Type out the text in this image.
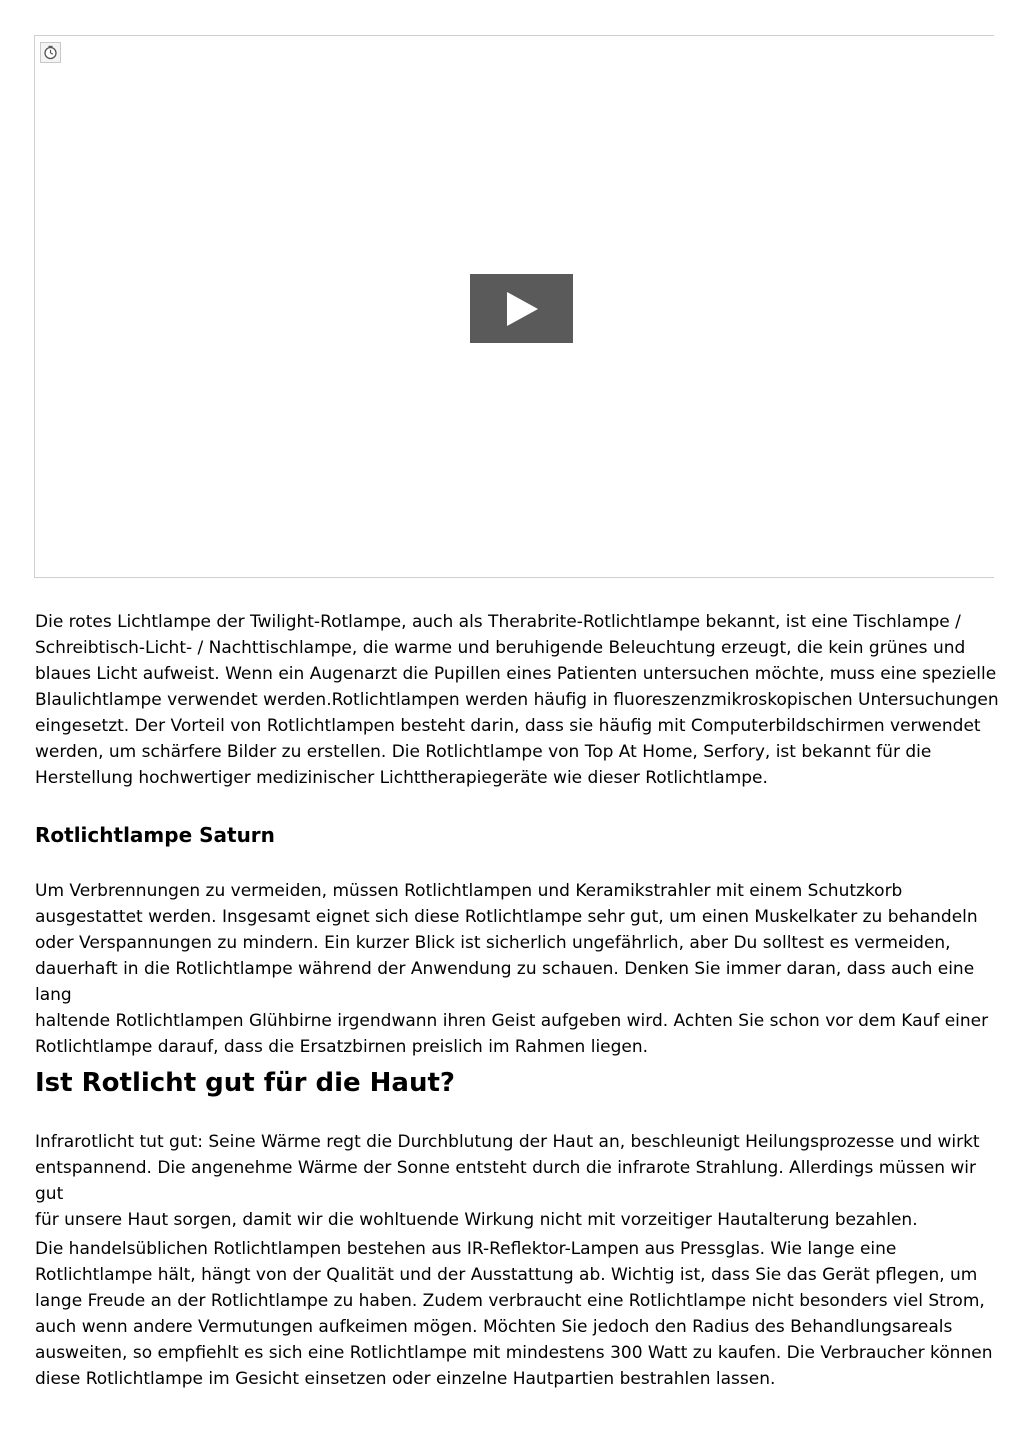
Die rotes Lichtlampe der Twilight-Rotlampe, auch als Therabrite-Rotlichtlampe bekannt, ist eine Tischlampe /
Schreibtisch-Licht- / Nachttischlampe, die warme und beruhigende Beleuchtung erzeugt, die kein grünes und
blaues Licht aufweist. Wenn ein Augenarzt die Pupillen eines Patienten untersuchen möchte, muss eine spezielle
Blaulichtlampe verwendet werden.Rotlichtlampen werden häufig in fluoreszenzmikroskopischen Untersuchungen
eingesetzt. Der Vorteil von Rotlichtlampen besteht darin, dass sie häufig mit Computerbildschirmen verwendet
werden, um schärfere Bilder zu erstellen. Die Rotlichtlampe von Top At Home, Serfory, ist bekannt für die
Herstellung hochwertiger medizinischer Lichttherapiegeräte wie dieser Rotlichtlampe.

Rotlichtlampe Saturn

Um Verbrennungen zu vermeiden, müssen Rotlichtlampen und Keramikstrahler mit einem Schutzkorb
ausgestattet werden. Insgesamt eignet sich diese Rotlichtlampe sehr gut, um einen Muskelkater zu behandeln
oder Verspannungen zu mindern. Ein kurzer Blick ist sicherlich ungefährlich, aber Du solltest es vermeiden,
dauerhaft in die Rotlichtlampe während der Anwendung zu schauen. Denken Sie immer daran, dass auch eine lang
haltende Rotlichtlampen Glühbirne irgendwann ihren Geist aufgeben wird. Achten Sie schon vor dem Kauf einer
Rotlichtlampe darauf, dass die Ersatzbirnen preislich im Rahmen liegen.

Ist Rotlicht gut für die Haut?

Infrarotlicht tut gut: Seine Wärme regt die Durchblutung der Haut an, beschleunigt Heilungsprozesse und wirkt
entspannend. Die angenehme Wärme der Sonne entsteht durch die infrarote Strahlung. Allerdings müssen wir gut
für unsere Haut sorgen, damit wir die wohltuende Wirkung nicht mit vorzeitiger Hautalterung bezahlen.

Die handelsüblichen Rotlichtlampen bestehen aus IR-Reflektor-Lampen aus Pressglas. Wie lange eine
Rotlichtlampe hält, hängt von der Qualität und der Ausstattung ab. Wichtig ist, dass Sie das Gerät pflegen, um
lange Freude an der Rotlichtlampe zu haben. Zudem verbraucht eine Rotlichtlampe nicht besonders viel Strom,
auch wenn andere Vermutungen aufkeimen mögen. Möchten Sie jedoch den Radius des Behandlungsareals
ausweiten, so empfiehlt es sich eine Rotlichtlampe mit mindestens 300 Watt zu kaufen. Die Verbraucher können
diese Rotlichtlampe im Gesicht einsetzen oder einzelne Hautpartien bestrahlen lassen.
